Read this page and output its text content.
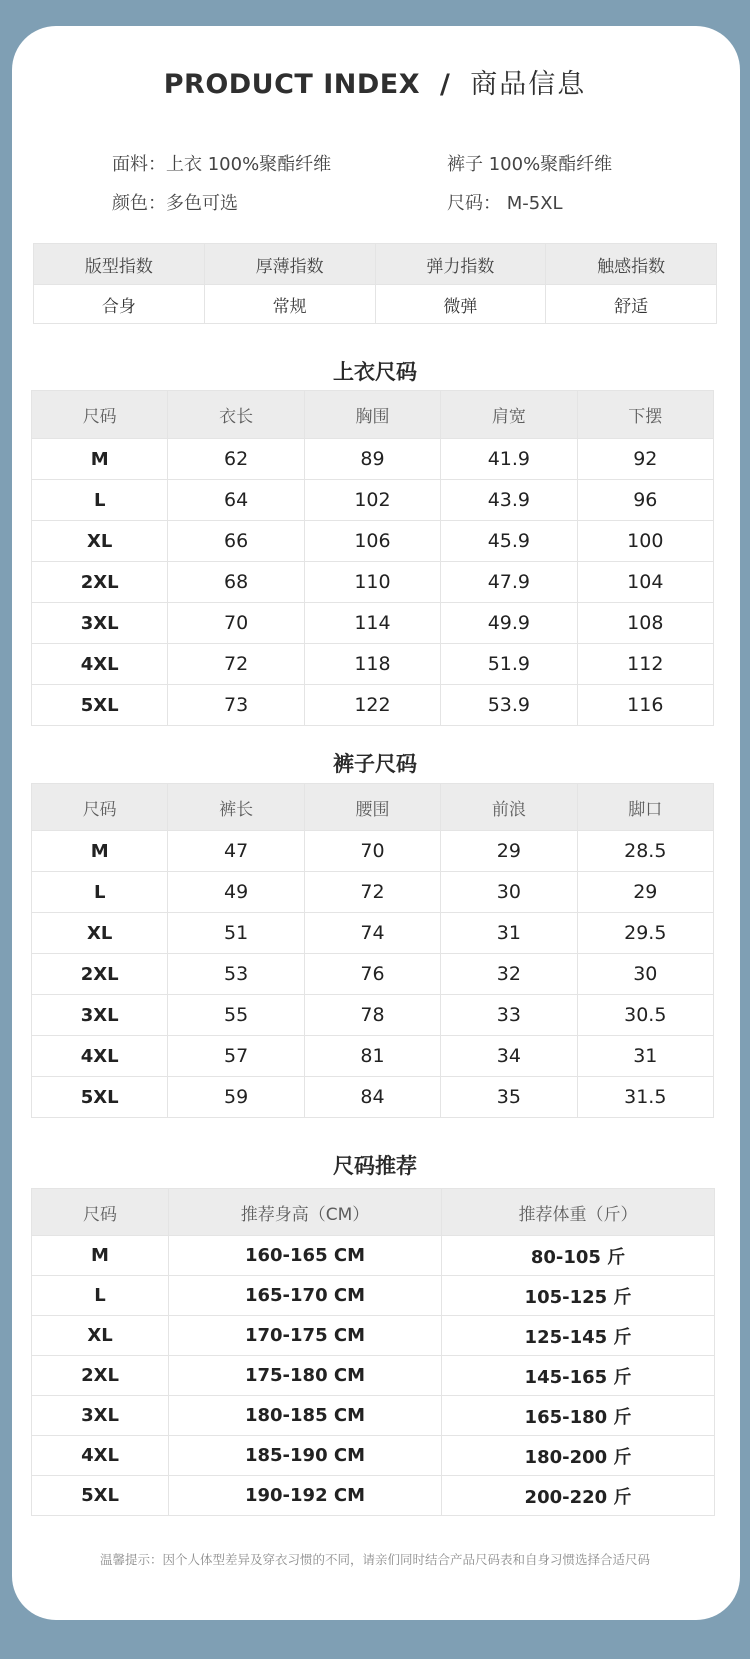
PRODUCT INDEX / 商品信息
面料：上衣 100%聚酯纤维	裤子 100%聚酯纤维
颜色：多色可选	尺码： M-5XL
版型指数	厚薄指数	弹力指数	触感指数
合身	常规	微弹	舒适
上衣尺码
尺码	衣长	胸围	肩宽	下摆
M	62	89	41.9	92
L	64	102	43.9	96
XL	66	106	45.9	100
2XL	68	110	47.9	104
3XL	70	114	49.9	108
4XL	72	118	51.9	112
5XL	73	122	53.9	116
裤子尺码
尺码	裤长	腰围	前浪	脚口
M	47	70	29	28.5
L	49	72	30	29
XL	51	74	31	29.5
2XL	53	76	32	30
3XL	55	78	33	30.5
4XL	57	81	34	31
5XL	59	84	35	31.5
尺码推荐
尺码	推荐身高（CM）	推荐体重（斤）
M	160-165 CM	80-105 斤
L	165-170 CM	105-125 斤
XL	170-175 CM	125-145 斤
2XL	175-180 CM	145-165 斤
3XL	180-185 CM	165-180 斤
4XL	185-190 CM	180-200 斤
5XL	190-192 CM	200-220 斤
温馨提示：因个人体型差异及穿衣习惯的不同，请亲们同时结合产品尺码表和自身习惯选择合适尺码
